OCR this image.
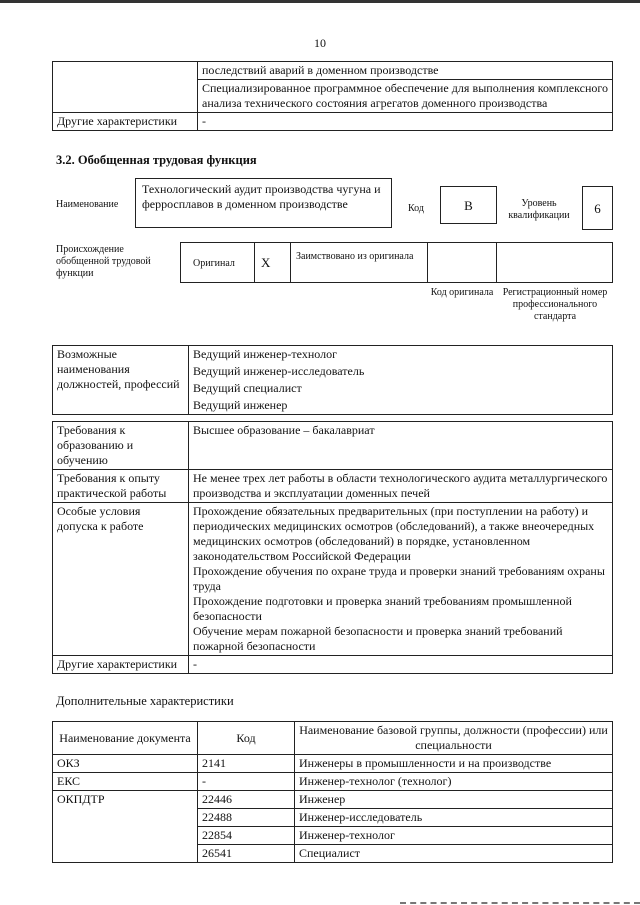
10
	последствий аварий в доменном производстве
	Специализированное программное обеспечение для выполнения комплексного анализа технического состояния агрегатов доменного производства
Другие характеристики	-
3.2. Обобщенная трудовая функция
Наименование
Технологический аудит производства чугуна и ферросплавов в доменном производстве	Код	B	Уровень квалификации	6
Происхождение обобщенной трудовой функции
Оригинал X	Заимствовано из оригинала
Код оригинала Регистрационный номер профессионального стандарта
Возможные наименования должностей, профессий	Ведущий инженер-технолог
Ведущий инженер-исследователь
Ведущий специалист
Ведущий инженер
Требования к образованию и обучению	Высшее образование – бакалавриат
Требования к опыту практической работы	Не менее трех лет работы в области технологического аудита металлургического производства и эксплуатации доменных печей
Особые условия допуска к работе	Прохождение обязательных предварительных (при поступлении на работу) и периодических медицинских осмотров (обследований), а также внеочередных медицинских осмотров (обследований) в порядке, установленном законодательством Российской Федерации
Прохождение обучения по охране труда и проверки знаний требованиям охраны труда
Прохождение подготовки и проверка знаний требованиям промышленной безопасности
Обучение мерам пожарной безопасности и проверка знаний требований пожарной безопасности

Другие характеристики	-
Дополнительные характеристики
Наименование документа	Код	Наименование базовой группы, должности (профессии) или специальности
ОКЗ	2141	Инженеры в промышленности и на производстве
ЕКС	-	Инженер-технолог (технолог)
ОКПДТР	22446	Инженер
	22488	Инженер-исследователь
	22854	Инженер-технолог
	26541	Специалист
